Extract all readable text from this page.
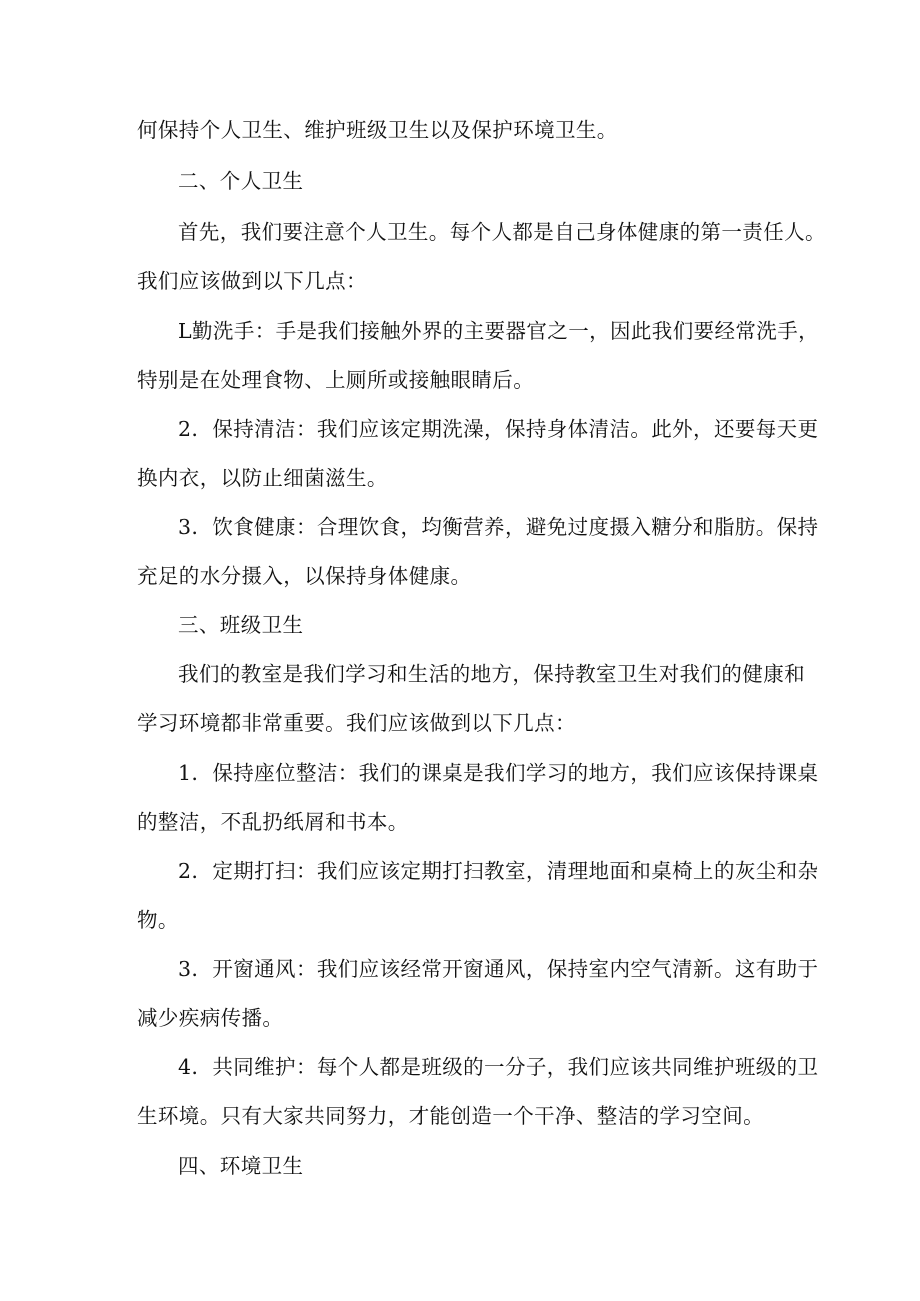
何保持个人卫生、维护班级卫生以及保护环境卫生。
二、个人卫生
首先，我们要注意个人卫生。每个人都是自己身体健康的第一责任人。
我们应该做到以下几点：
L勤洗手：手是我们接触外界的主要器官之一，因此我们要经常洗手，
特别是在处理食物、上厕所或接触眼睛后。
2．保持清洁：我们应该定期洗澡，保持身体清洁。此外，还要每天更
换内衣，以防止细菌滋生。
3．饮食健康：合理饮食，均衡营养，避免过度摄入糖分和脂肪。保持
充足的水分摄入，以保持身体健康。
三、班级卫生
我们的教室是我们学习和生活的地方，保持教室卫生对我们的健康和
学习环境都非常重要。我们应该做到以下几点：
1．保持座位整洁：我们的课桌是我们学习的地方，我们应该保持课桌
的整洁，不乱扔纸屑和书本。
2．定期打扫：我们应该定期打扫教室，清理地面和桌椅上的灰尘和杂
物。
3．开窗通风：我们应该经常开窗通风，保持室内空气清新。这有助于
减少疾病传播。
4．共同维护：每个人都是班级的一分子，我们应该共同维护班级的卫
生环境。只有大家共同努力，才能创造一个干净、整洁的学习空间。
四、环境卫生
